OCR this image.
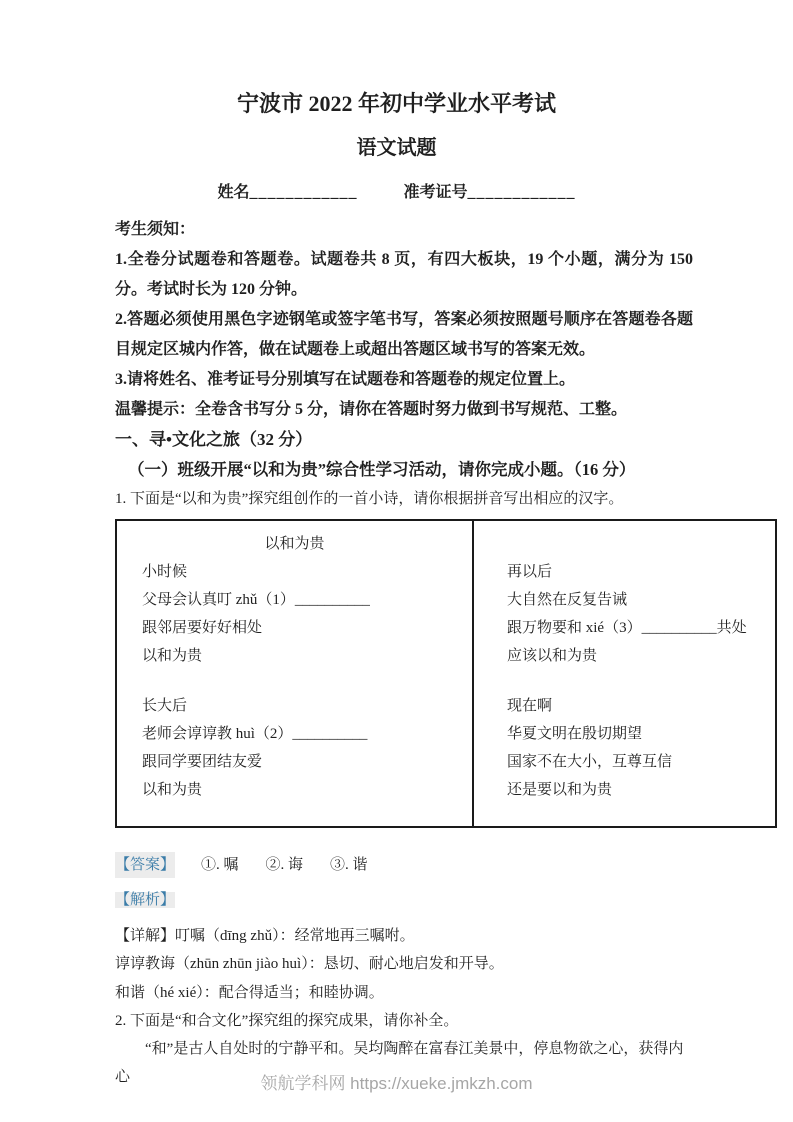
宁波市 2022 年初中学业水平考试
语文试题
姓名____________	准考证号____________

考生须知：

1.全卷分试题卷和答题卷。试题卷共 8 页，有四大板块，19 个小题，满分为 150 分。考试时长为 120 分钟。

2.答题必须使用黑色字迹钢笔或签字笔书写，答案必须按照题号顺序在答题卷各题目规定区城内作答，做在试题卷上或超出答题区域书写的答案无效。

3.请将姓名、准考证号分别填写在试题卷和答题卷的规定位置上。

温馨提示：全卷含书写分 5 分，请你在答题时努力做到书写规范、工整。

一、寻•文化之旅（32 分）

（一）班级开展“以和为贵”综合性学习活动，请你完成小题。（16 分）

1. 下面是“以和为贵”探究组创作的一首小诗，请你根据拼音写出相应的汉字。

以和为贵
小时候
父母会认真叮 zhǔ（1）__________
跟邻居要好好相处
以和为贵
长大后
老师会谆谆教 huì（2）__________
跟同学要团结友爱
以和为贵
再以后
大自然在反复告诫
跟万物要和 xié（3）__________共处
应该以和为贵
现在啊
华夏文明在殷切期望
国家不在大小，互尊互信
还是要以和为贵
【答案】 ①. 嘱 ②. 诲 ③. 谐
【解析】
【详解】叮嘱（dīng zhǔ）：经常地再三嘱咐。
谆谆教诲（zhūn zhūn jiào huì）：恳切、耐心地启发和开导。
和谐（hé xié）：配合得适当；和睦协调。

2. 下面是“和合文化”探究组的探究成果，请你补全。

“和”是古人自处时的宁静平和。吴均陶醉在富春江美景中，停息物欲之心，获得内心	领航学科网 https://xueke.jmkzh.com
